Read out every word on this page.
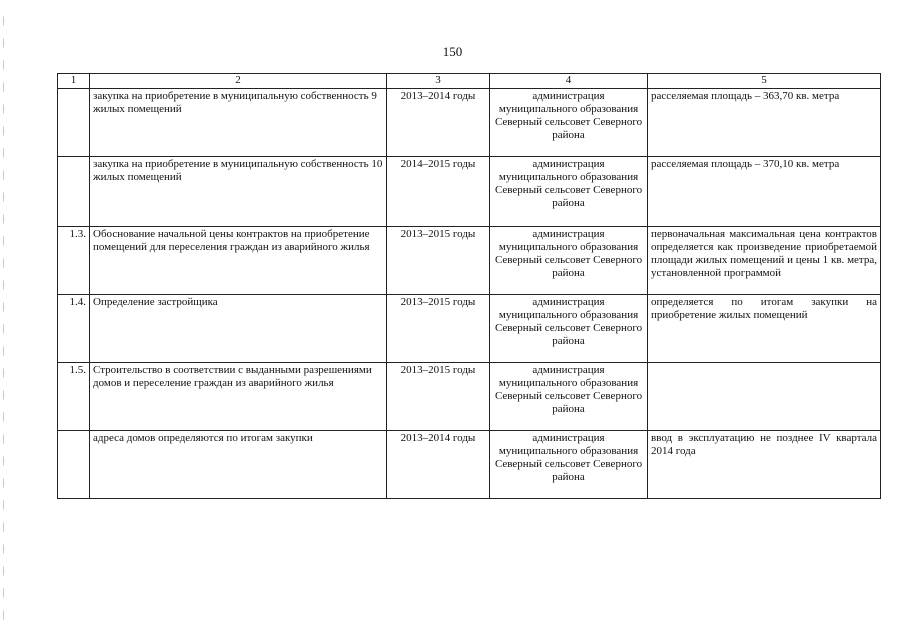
150
1	2	3	4	5
	закупка на приобретение в муниципальную собственность 9 жилых помещений	2013–2014 годы	администрация муниципального образования Северный сельсовет Северного района	расселяемая площадь – 363,70 кв. метра
	закупка на приобретение в муниципальную собственность 10 жилых помещений	2014–2015 годы	администрация муниципального образования Северный сельсовет Северного района	расселяемая площадь – 370,10 кв. метра
1.3.	Обоснование начальной цены контрактов на приобретение помещений для переселения граждан из аварийного жилья	2013–2015 годы	администрация муниципального образования Северный сельсовет Северного района	первоначальная максимальная цена контрактов определяется как произведение приобретаемой площади жилых помещений и цены 1 кв. метра, установленной программой
1.4.	Определение застройщика	2013–2015 годы	администрация муниципального образования Северный сельсовет Северного района	определяется по итогам закупки на приобретение жилых помещений
1.5.	Строительство в соответствии с выданными разрешениями домов и переселение граждан из аварийного жилья	2013–2015 годы	администрация муниципального образования Северный сельсовет Северного района	
	адреса домов определяются по итогам закупки	2013–2014 годы	администрация муниципального образования Северный сельсовет Северного района	ввод в эксплуатацию не позднее IV квартала 2014 года
